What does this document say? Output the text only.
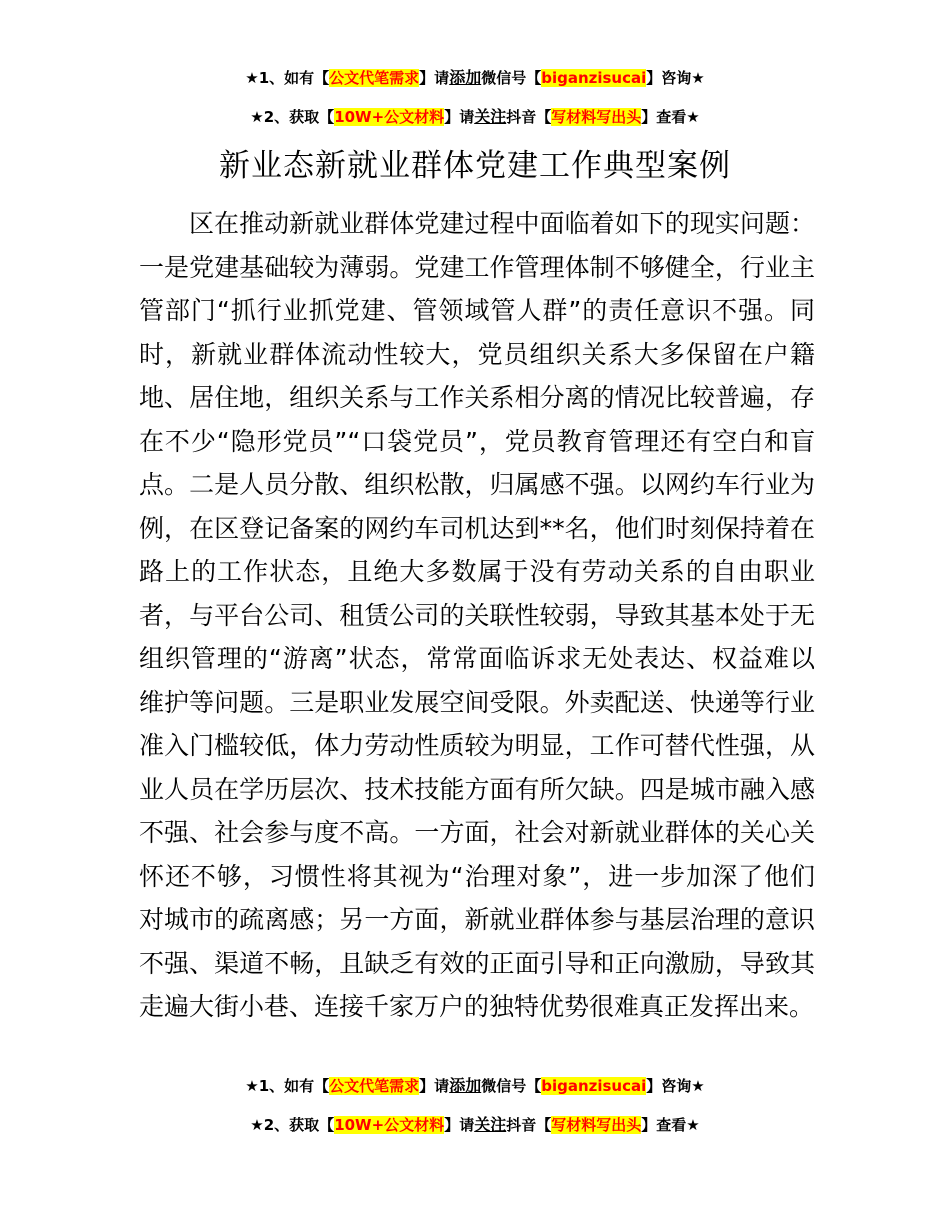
★1、如有【公文代笔需求】请添加微信号【biganzisucai】咨询★
★2、获取【10W+公文材料】请关注抖音【写材料写出头】查看★
新业态新就业群体党建工作典型案例
区在推动新就业群体党建过程中面临着如下的现实问题：
一是党建基础较为薄弱。党建工作管理体制不够健全，行业主
管部门“抓行业抓党建、管领域管人群”的责任意识不强。同
时，新就业群体流动性较大，党员组织关系大多保留在户籍
地、居住地，组织关系与工作关系相分离的情况比较普遍，存
在不少“隐形党员”“口袋党员”，党员教育管理还有空白和盲
点。二是人员分散、组织松散，归属感不强。以网约车行业为
例，在区登记备案的网约车司机达到**名，他们时刻保持着在
路上的工作状态，且绝大多数属于没有劳动关系的自由职业
者，与平台公司、租赁公司的关联性较弱，导致其基本处于无
组织管理的“游离”状态，常常面临诉求无处表达、权益难以
维护等问题。三是职业发展空间受限。外卖配送、快递等行业
准入门槛较低，体力劳动性质较为明显，工作可替代性强，从
业人员在学历层次、技术技能方面有所欠缺。四是城市融入感
不强、社会参与度不高。一方面，社会对新就业群体的关心关
怀还不够，习惯性将其视为“治理对象”，进一步加深了他们
对城市的疏离感；另一方面，新就业群体参与基层治理的意识
不强、渠道不畅，且缺乏有效的正面引导和正向激励，导致其
走遍大街小巷、连接千家万户的独特优势很难真正发挥出来。
★1、如有【公文代笔需求】请添加微信号【biganzisucai】咨询★
★2、获取【10W+公文材料】请关注抖音【写材料写出头】查看★
